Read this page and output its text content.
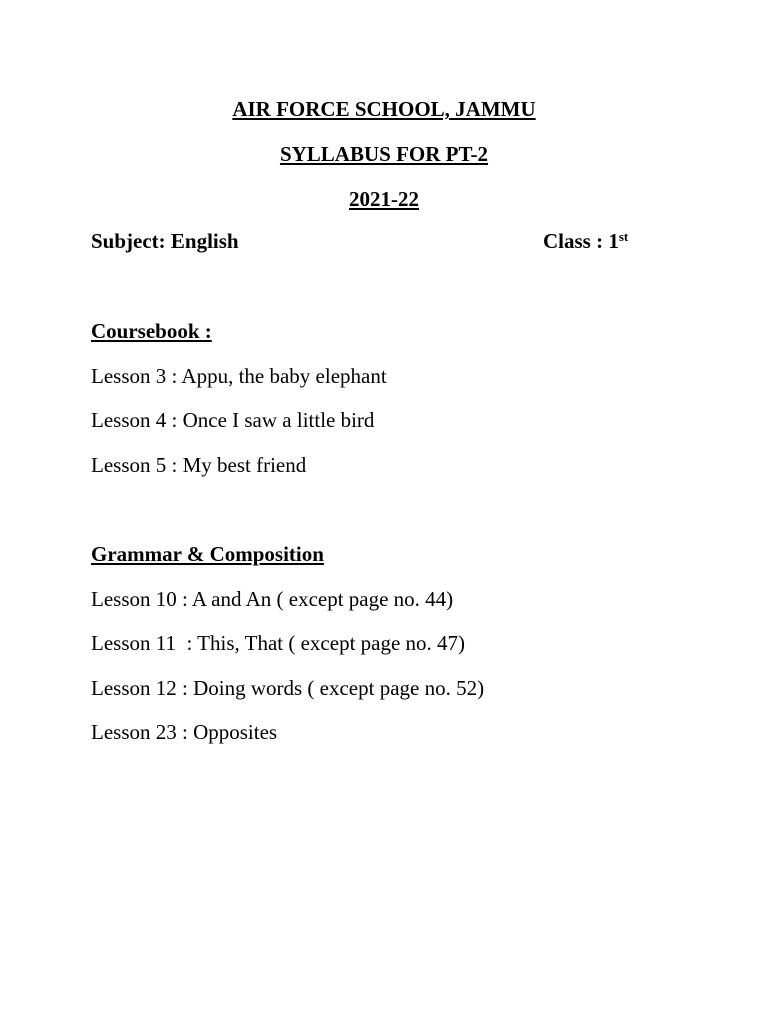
AIR FORCE SCHOOL, JAMMU
SYLLABUS FOR PT-2
2021-22
Subject: English	Class : 1st
Coursebook :

Lesson 3 : Appu, the baby elephant

Lesson 4 : Once I saw a little bird

Lesson 5 : My best friend

Grammar & Composition

Lesson 10 : A and An ( except page no. 44)

Lesson 11  : This, That ( except page no. 47)

Lesson 12 : Doing words ( except page no. 52)

Lesson 23 : Opposites
